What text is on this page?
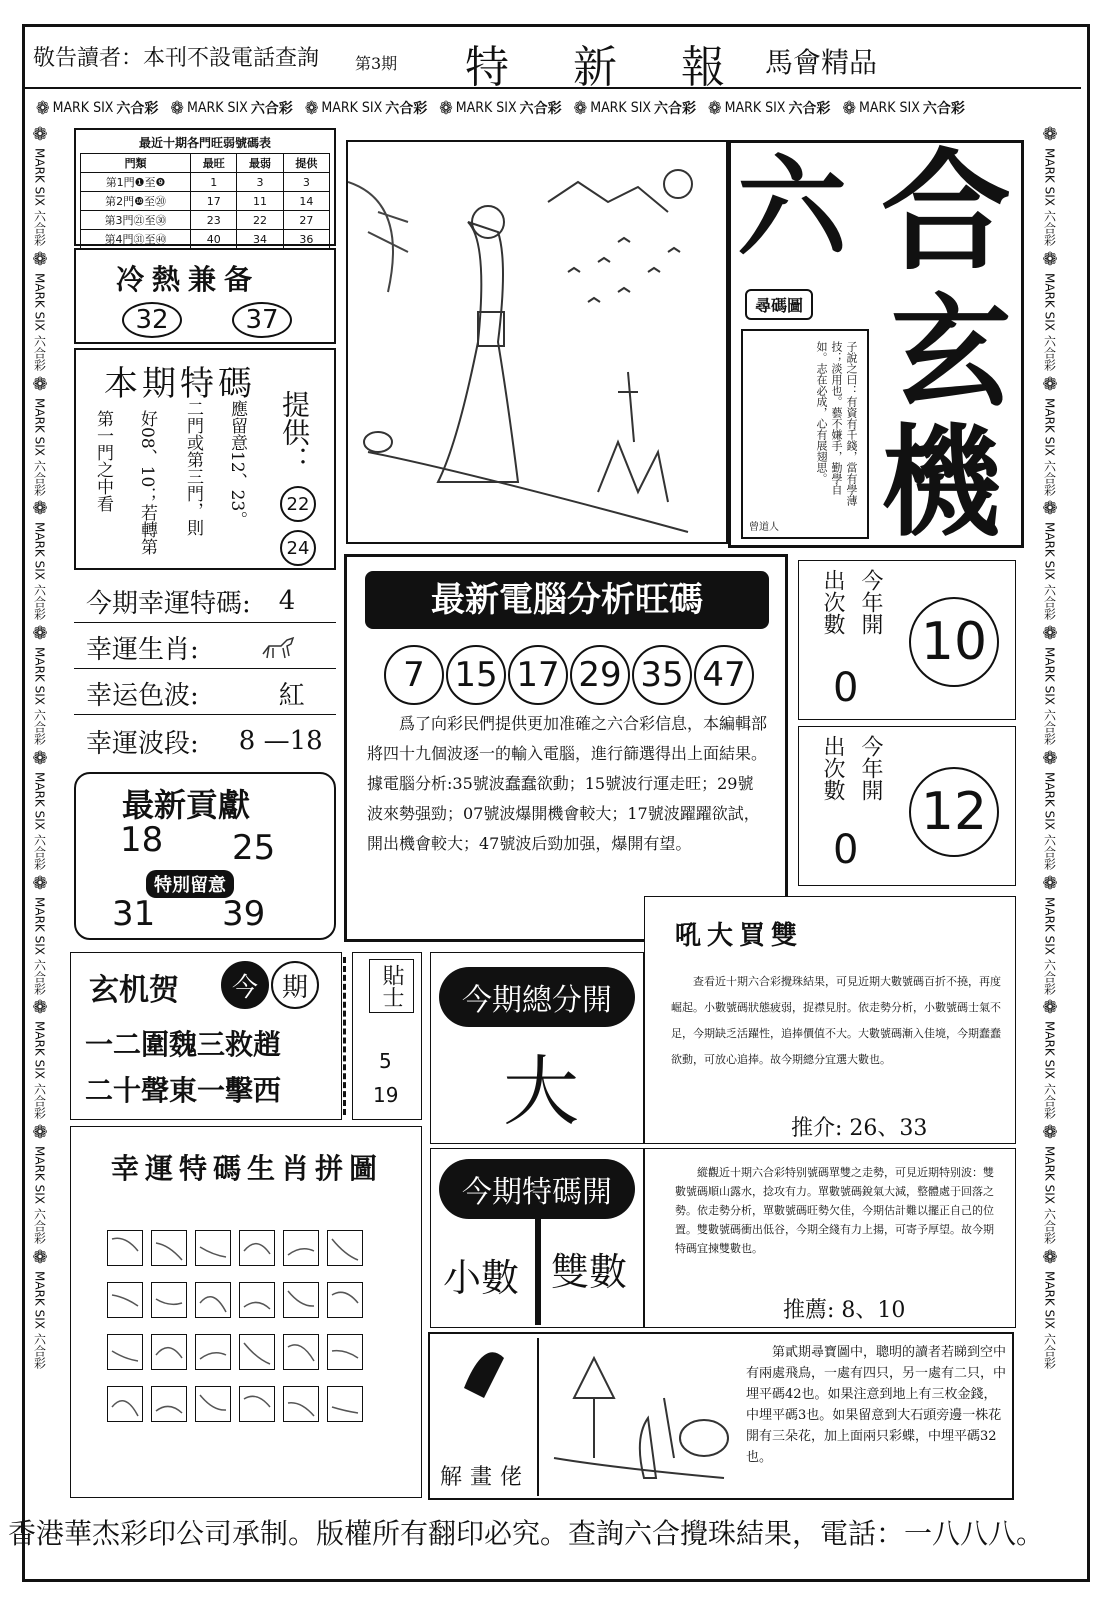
敬告讀者：本刊不設電話查詢 第3期 特　新　報 馬會精品
❁ MARK SIX 六合彩 ❁ MARK SIX 六合彩 ❁ MARK SIX 六合彩 ❁ MARK SIX 六合彩 ❁ MARK SIX 六合彩 ❁ MARK SIX 六合彩 ❁ MARK SIX 六合彩
❁
MARK SIX 六合彩
❁
MARK SIX 六合彩
❁
MARK SIX 六合彩
❁
MARK SIX 六合彩
❁
MARK SIX 六合彩
❁
MARK SIX 六合彩
❁
MARK SIX 六合彩
❁
MARK SIX 六合彩
❁
MARK SIX 六合彩
❁
MARK SIX 六合彩
❁
MARK SIX 六合彩
❁
MARK SIX 六合彩
❁
MARK SIX 六合彩
❁
MARK SIX 六合彩
❁
MARK SIX 六合彩
❁
MARK SIX 六合彩
❁
MARK SIX 六合彩
❁
MARK SIX 六合彩
❁
MARK SIX 六合彩
❁
MARK SIX 六合彩
最近十期各門旺弱號碼表
門類	最旺	最弱	提供
第1門❶至❾	1	3	3
第2門❿至⑳	17	11	14
第3門㉑至㉚	23	22	27
第4門㉛至㊵	40	34	36

冷熱兼备
32	37
本期特碼
第一門之中看 好08、10；若轉第 二門或第三門，則 應留意12、23。 提供：
22
24
今期幸運特碼: 4
幸運生肖:
幸运色波:	紅
幸運波段: 8 —18
最新貢獻
18 25
特別留意
31 39
六 合
玄
機
尋碼圖
子說之曰：有資有千錢，當有學薄技；淡用也。藝不嫌手，勤學自如。志在必成，心有展翅思。
曾道人
最新電腦分析旺碼
7 15 17 29 35 47
爲了向彩民們提供更加准確之六合彩信息，本編輯部將四十九個波逐一的輸入電腦，進行篩選得出上面結果。據電腦分析:35號波蠢蠢欲動；15號波行運走旺；29號波來勢强勁；07號波爆開機會較大；17號波躍躍欲試，開出機會較大；47號波后勁加强，爆開有望。
出次數 今年開
0
10
出次數 今年開
0
12
玄机贺	今 期
一二圍魏三救趙
二十聲東一擊西
貼士
5
19
今期總分開
大
吼大買雙
查看近十期六合彩攪珠結果，可見近期大數號碼百折不撓，再度崛起。小數號碼狀態疲弱，捉襟見肘。依走勢分析，小數號碼士氣不足，今期缺乏活躍性，追捧價值不大。大數號碼漸入佳境，今期蠢蠢欲動，可放心追捧。故今期總分宜選大數也。
推介: 26、33
幸運特碼生肖拼圖
今期特碼開
小數 雙數
縱觀近十期六合彩特别號碼單雙之走勢，可見近期特别波：雙數號碼順山露水，捻攻有力。單數號碼銳氣大減，整體處于回落之勢。依走勢分析，單數號碼旺勢欠佳，今期估計難以擺正自己的位置。雙數號碼衝出低谷，今期全綫有力上揚，可寄予厚望。故今期特碼宜揀雙數也。
推薦: 8、10
解畫佬
第貳期尋寶圖中，聰明的讀者若睇到空中有兩處飛鳥，一處有四只，另一處有二只，中埋平碼42也。如果注意到地上有三枚金錢，中埋平碼3也。如果留意到大石頭旁邊一株花開有三朵花，加上面兩只彩蝶，中埋平碼32也。
香港華杰彩印公司承制。版權所有翻印必究。查詢六合攪珠結果，電話：一八八八。
